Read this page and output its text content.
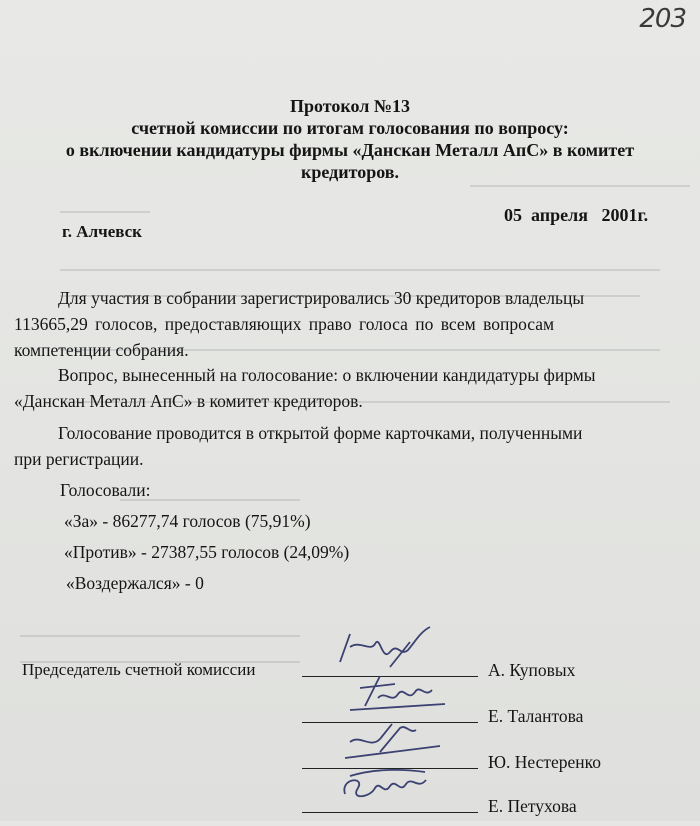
203
Протокол №13
счетной комиссии по итогам голосования по вопросу:
о включении кандидатуры фирмы «Данскан Металл АпС» в комитет
кредиторов.
05  апреля   2001г.
г. Алчевск
Для участия в собрании зарегистрировались 30 кредиторов владельцы
113665,29 голосов, предоставляющих право голоса по всем вопросам
компетенции собрания.
Вопрос, вынесенный на голосование: о включении кандидатуры фирмы
«Данскан Металл АпС» в комитет кредиторов.
Голосование проводится в открытой форме карточками, полученными
при регистрации.
Голосовали:
«За» - 86277,74 голосов (75,91%)
«Против» - 27387,55 голосов (24,09%)
«Воздержался» - 0
Председатель счетной комиссии	А. Куповых
Е. Талантова
Ю. Нестеренко
Е. Петухова
